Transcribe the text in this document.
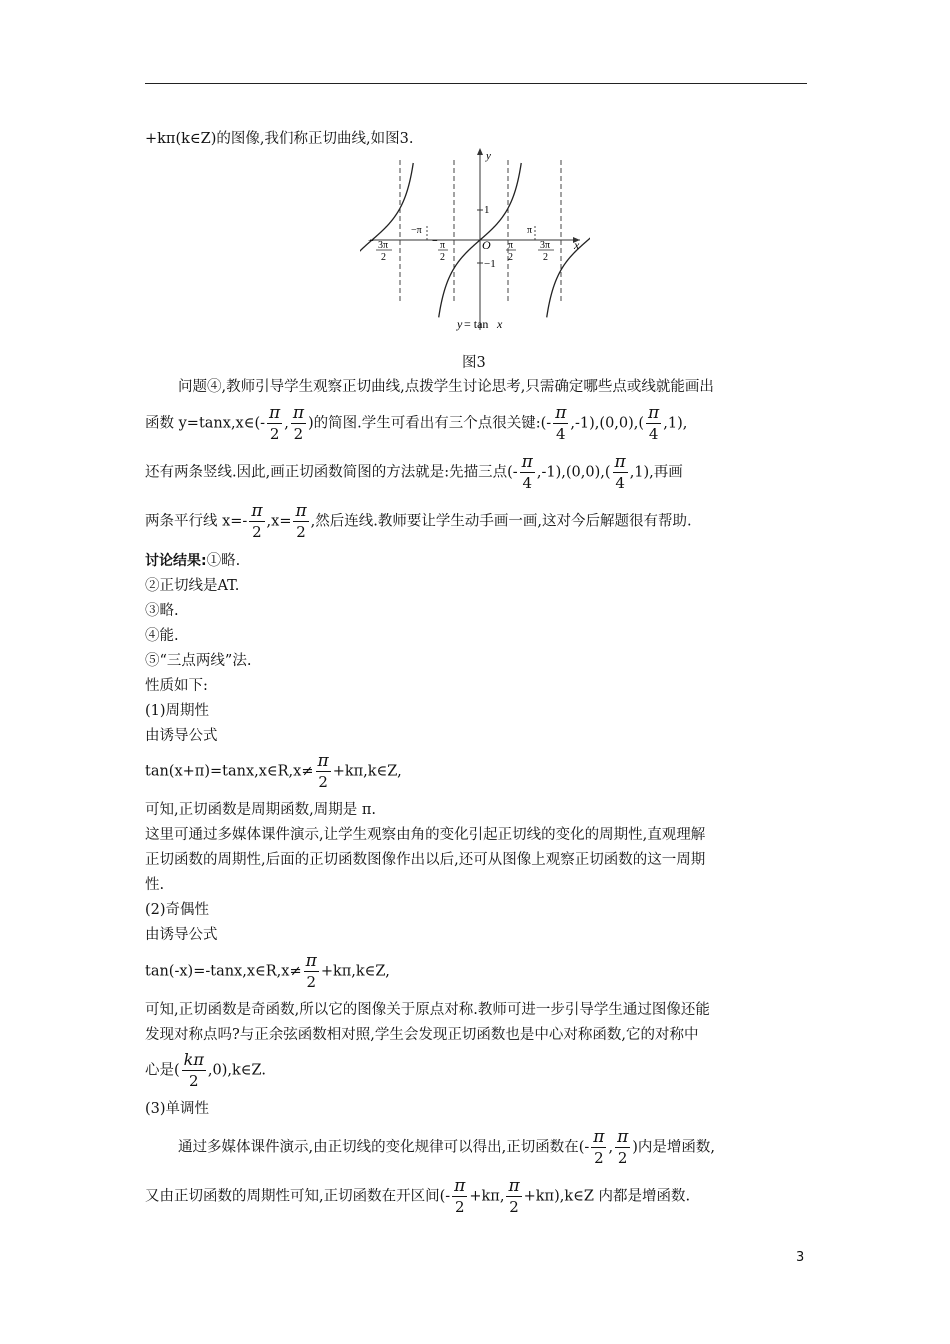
+kπ(k∈Z)的图像,我们称正切曲线,如图3.
y
x
O
1
−1
−π	π
− 3π
2
− π
2
π
2
3π
2
y = tan x
图3
问题④,教师引导学生观察正切曲线,点拨学生讨论思考,只需确定哪些点或线就能画出
函数 y=tanx,x∈(- $\frac{\pi}{2}$ , $\frac{\pi}{2}$ )的简图.学生可看出有三个点很关键:(- $\frac{\pi}{4} ,-1),(0,0),( \frac{\pi}{4} ,1)$,
还有两条竖线.因此,画正切函数简图的方法就是:先描三点(- $\frac{\pi}{4} ,-1),(0,0),( \frac{\pi}{4} ,1)$,再画
两条平行线 $x=- \frac{\pi}{2} ,x= \frac{\pi}{2}$ ,然后连线.教师要让学生动手画一画,这对今后解题很有帮助.
讨论结果:①略.
②正切线是AT.
③略.
④能.
⑤“三点两线”法.
性质如下:
(1)周期性
由诱导公式
tan(x+π)=tanx,x∈R,x≠ $\frac{\pi}{2}$ +kπ,k∈Z,
可知,正切函数是周期函数,周期是 π.
这里可通过多媒体课件演示,让学生观察由角的变化引起正切线的变化的周期性,直观理解
正切函数的周期性,后面的正切函数图像作出以后,还可从图像上观察正切函数的这一周期
性.
(2)奇偶性
由诱导公式
tan(-x)=-tanx,x∈R,x≠ $\frac{\pi}{2}$ +kπ,k∈Z,
可知,正切函数是奇函数,所以它的图像关于原点对称.教师可进一步引导学生通过图像还能
发现对称点吗?与正余弦函数相对照,学生会发现正切函数也是中心对称函数,它的对称中
心是( $\frac{k\pi}{2}$ ,0),k∈Z.
(3)单调性
通过多媒体课件演示,由正切线的变化规律可以得出,正切函数在(- $\frac{\pi}{2}$ , $\frac{\pi}{2}$ )内是增函数,
又由正切函数的周期性可知,正切函数在开区间(- $\frac{\pi}{2} +k\pi$, $\frac{\pi}{2}$ +kπ),k∈Z 内都是增函数.
3
